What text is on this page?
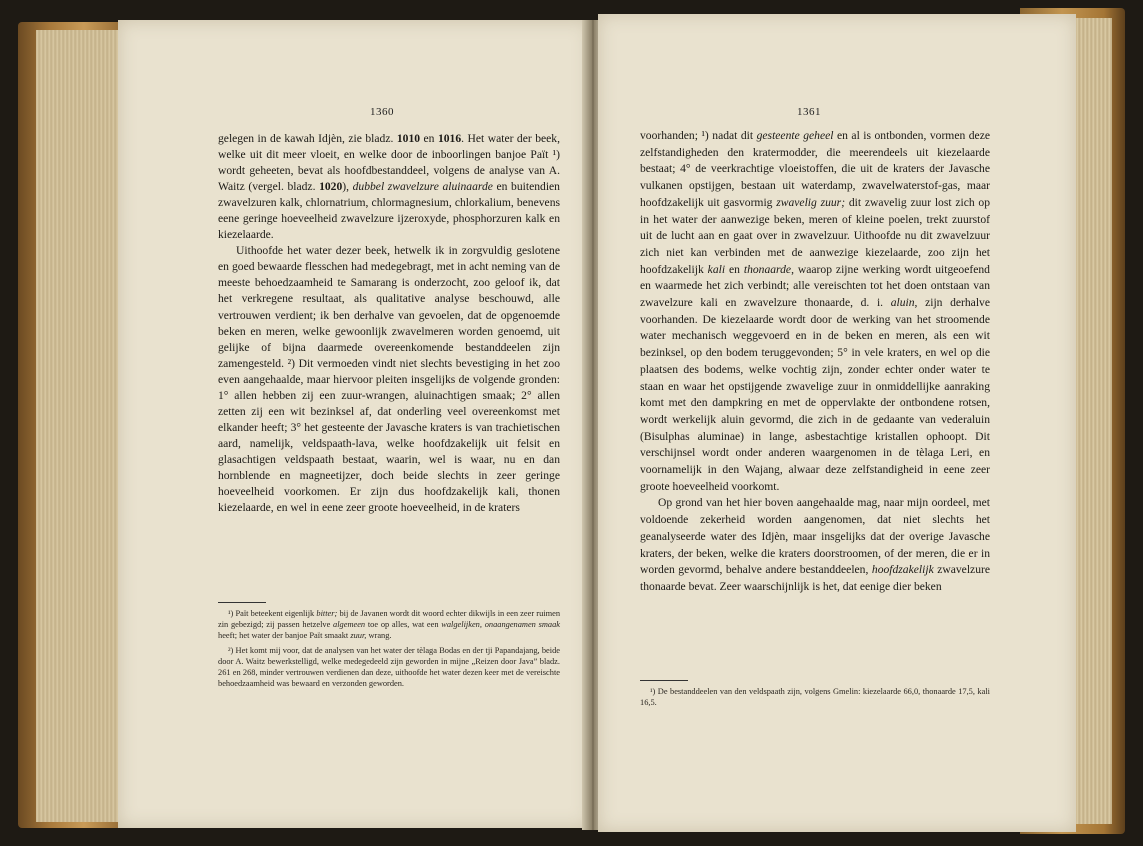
1360

gelegen in de kawah Idjèn, zie bladz. 1010 en 1016. Het water der beek, welke uit dit meer vloeit, en welke door de inboorlingen banjoe Paït ¹) wordt geheeten, bevat als hoofdbestanddeel, volgens de analyse van A. Waitz (vergel. bladz. 1020), dubbel zwavelzure aluinaarde en buitendien zwavelzuren kalk, chlornatrium, chlormagnesium, chlorkalium, benevens eene geringe hoeveelheid zwavelzure ijzeroxyde, phosphorzuren kalk en kiezelaarde.

Uithoofde het water dezer beek, hetwelk ik in zorgvuldig geslotene en goed bewaarde flesschen had medegebragt, met in acht neming van de meeste behoedzaamheid te Samarang is onderzocht, zoo geloof ik, dat het verkregene resultaat, als qualitative analyse beschouwd, alle vertrouwen verdient; ik ben derhalve van gevoelen, dat de opgenoemde beken en meren, welke gewoonlijk zwavelmeren worden genoemd, uit gelijke of bijna daarmede overeenkomende bestanddeelen zijn zamengesteld. ²) Dit vermoeden vindt niet slechts bevestiging in het zoo even aangehaalde, maar hiervoor pleiten insgelijks de volgende gronden: 1° allen hebben zij een zuur-wrangen, aluinachtigen smaak; 2° allen zetten zij een wit bezinksel af, dat onderling veel overeenkomst met elkander heeft; 3° het gesteente der Javasche kraters is van trachietischen aard, namelijk, veldspaath-lava, welke hoofdzakelijk uit felsit en glasachtigen veldspaath bestaat, waarin, wel is waar, nu en dan hornblende en magneetijzer, doch beide slechts in zeer geringe hoeveelheid voorkomen. Er zijn dus hoofdzakelijk kali, thonen kiezelaarde, en wel in eene zeer groote hoeveelheid, in de kraters

¹) Paït beteekent eigenlijk bitter; bij de Javanen wordt dit woord echter dikwijls in een zeer ruimen zin gebezigd; zij passen hetzelve algemeen toe op alles, wat een walgelijken, onaangenamen smaak heeft; het water der banjoe Paït smaakt zuur, wrang.

²) Het komt mij voor, dat de analysen van het water der tèlaga Bodas en der tji Papandajang, beide door A. Waitz bewerkstelligd, welke medegedeeld zijn geworden in mijne „Reizen door Java” bladz. 261 en 268, minder vertrouwen verdienen dan deze, uithoofde het water dezen keer met de vereischte behoedzaamheid was bewaard en verzonden geworden.

1361

voorhanden; ¹) nadat dit gesteente geheel en al is ontbonden, vormen deze zelfstandigheden den kratermodder, die meerendeels uit kiezelaarde bestaat; 4° de veerkrachtige vloeistoffen, die uit de kraters der Javasche vulkanen opstijgen, bestaan uit waterdamp, zwavelwaterstof-gas, maar hoofdzakelijk uit gasvormig zwavelig zuur; dit zwavelig zuur lost zich op in het water der aanwezige beken, meren of kleine poelen, trekt zuurstof uit de lucht aan en gaat over in zwavelzuur. Uithoofde nu dit zwavelzuur zich niet kan verbinden met de aanwezige kiezelaarde, zoo zijn het hoofdzakelijk kali en thonaarde, waarop zijne werking wordt uitgeoefend en waarmede het zich verbindt; alle vereischten tot het doen ontstaan van zwavelzure kali en zwavelzure thonaarde, d. i. aluin, zijn derhalve voorhanden. De kiezelaarde wordt door de werking van het stroomende water mechanisch weggevoerd en in de beken en meren, als een wit bezinksel, op den bodem teruggevonden; 5° in vele kraters, en wel op die plaatsen des bodems, welke vochtig zijn, zonder echter onder water te staan en waar het opstijgende zwavelige zuur in onmiddellijke aanraking komt met den dampkring en met de oppervlakte der ontbondene rotsen, wordt werkelijk aluin gevormd, die zich in de gedaante van vederaluin (Bisulphas aluminae) in lange, asbestachtige kristallen ophoopt. Dit verschijnsel wordt onder anderen waargenomen in de tèlaga Leri, en voornamelijk in den Wajang, alwaar deze zelfstandigheid in eene zeer groote hoeveelheid voorkomt.

Op grond van het hier boven aangehaalde mag, naar mijn oordeel, met voldoende zekerheid worden aangenomen, dat niet slechts het geanalyseerde water des Idjèn, maar insgelijks dat der overige Javasche kraters, der beken, welke die kraters doorstroomen, of der meren, die er in worden gevormd, behalve andere bestanddeelen, hoofdzakelijk zwavelzure thonaarde bevat. Zeer waarschijnlijk is het, dat eenige dier beken

¹) De bestanddeelen van den veldspaath zijn, volgens Gmelin: kiezelaarde 66,0, thonaarde 17,5, kali 16,5.
